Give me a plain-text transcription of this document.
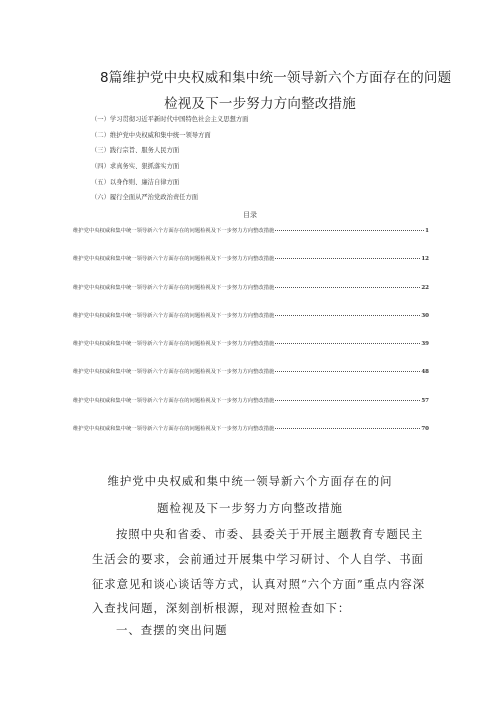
8篇维护党中央权威和集中统一领导新六个方面存在的问题
检视及下一步努力方向整改措施
（一）学习贯彻习近平新时代中国特色社会主义思想方面
（二）维护党中央权威和集中统一领导方面
（三）践行宗旨、服务人民方面
（四）求真务实、狠抓落实方面
（五）以身作则、廉洁自律方面
（六）履行全面从严治党政治责任方面
目录
维护党中央权威和集中统一领导新六个方面存在的问题检视及下一步努力方向整改措施	1
维护党中央权威和集中统一领导新六个方面存在的问题检视及下一步努力方向整改措施	12
维护党中央权威和集中统一领导新六个方面存在的问题检视及下一步努力方向整改措施	22
维护党中央权威和集中统一领导新六个方面存在的问题检视及下一步努力方向整改措施	30
维护党中央权威和集中统一领导新六个方面存在的问题检视及下一步努力方向整改措施	39
维护党中央权威和集中统一领导新六个方面存在的问题检视及下一步努力方向整改措施	48
维护党中央权威和集中统一领导新六个方面存在的问题检视及下一步努力方向整改措施	57
维护党中央权威和集中统一领导新六个方面存在的问题检视及下一步努力方向整改措施	70
维护党中央权威和集中统一领导新六个方面存在的问
题检视及下一步努力方向整改措施

按照中央和省委、市委、县委关于开展主题教育专题民主生活会的要求，会前通过开展集中学习研讨、个人自学、书面征求意见和谈心谈话等方式，认真对照“六个方面”重点内容深入查找问题，深刻剖析根源，现对照检查如下：

一、查摆的突出问题
